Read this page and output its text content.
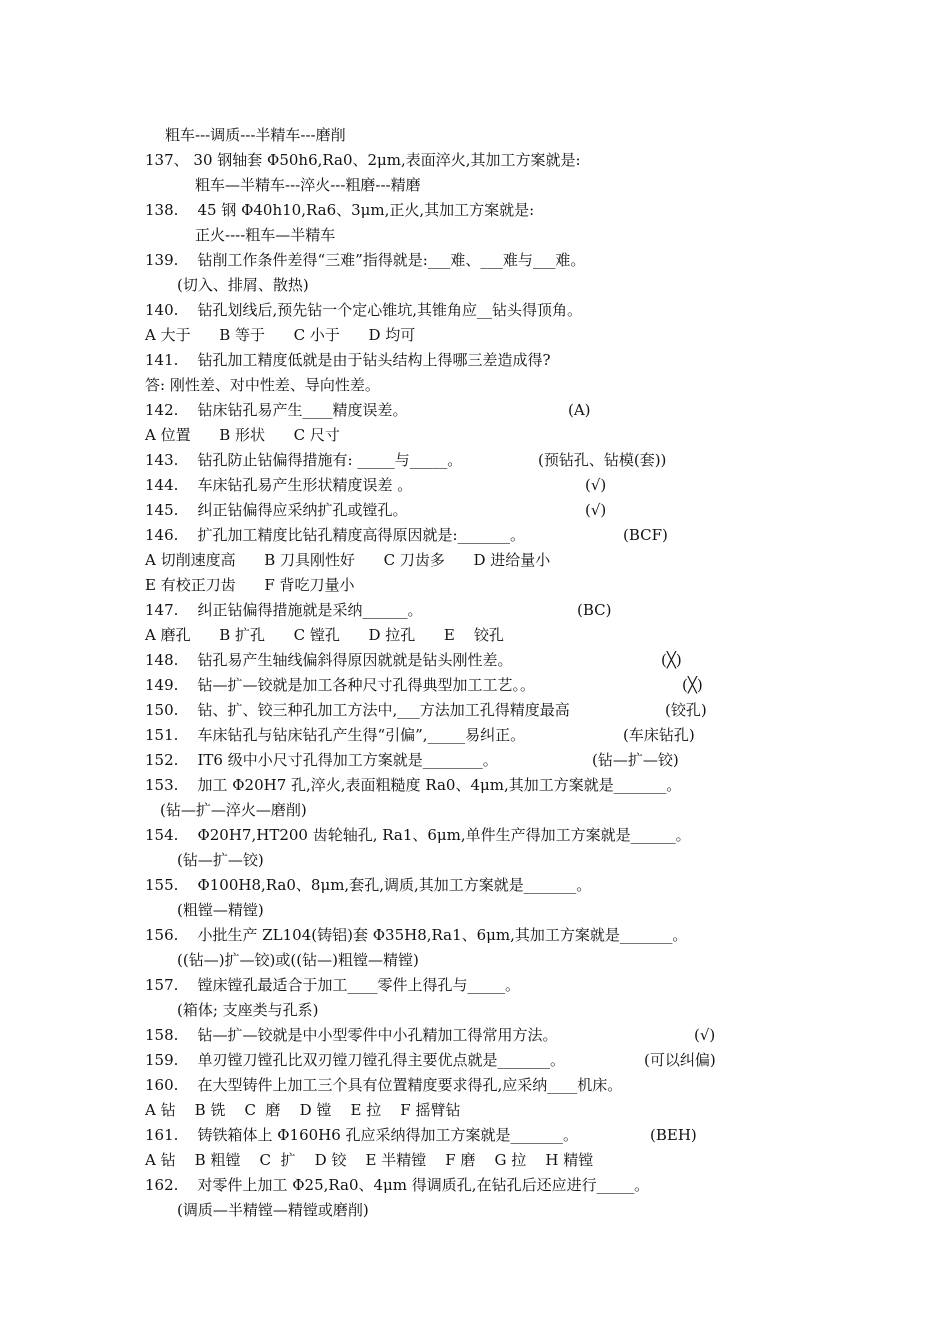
粗车---调质---半精车---磨削

137、 30 钢轴套 Φ50h6,Ra0、2μm,表面淬火,其加工方案就是:

粗车—半精车---淬火---粗磨---精磨

138.    45 钢 Φ40h10,Ra6、3μm,正火,其加工方案就是:

正火----粗车—半精车

139.    钻削工作条件差得“三难”指得就是:___难、___难与___难。

(切入、排屑、散热)

140.    钻孔划线后,预先钻一个定心锥坑,其锥角应__钻头得顶角。

A 大于      B 等于      C 小于      D 均可

141.    钻孔加工精度低就是由于钻头结构上得哪三差造成得?

答: 刚性差、对中性差、导向性差。

142.    钻床钻孔易产生____精度误差。	(A)

A 位置      B 形状      C 尺寸

143.    钻孔防止钻偏得措施有: _____与_____。	(预钻孔、钻模(套))

144.    车床钻孔易产生形状精度误差 。	(√)

145.    纠正钻偏得应采纳扩孔或镗孔。	(√)

146.    扩孔加工精度比钻孔精度高得原因就是:_______。	(BCF)

A 切削速度高      B 刀具刚性好      C 刀齿多      D 进给量小

E 有校正刀齿      F 背吃刀量小

147.    纠正钻偏得措施就是采纳______。	(BC)

A 磨孔      B 扩孔      C 镗孔      D 拉孔      E    铰孔

148.    钻孔易产生轴线偏斜得原因就就是钻头刚性差。	(╳)

149.    钻—扩—铰就是加工各种尺寸孔得典型加工工艺。。	(╳)

150.    钻、扩、铰三种孔加工方法中,___方法加工孔得精度最高	(铰孔)

151.    车床钻孔与钻床钻孔产生得“引偏”,_____易纠正。	(车床钻孔)

152.    IT6 级中小尺寸孔得加工方案就是________。	(钻—扩—铰)

153.    加工 Φ20H7 孔,淬火,表面粗糙度 Ra0、4μm,其加工方案就是_______。

(钻—扩—淬火—磨削)

154.    Φ20H7,HT200 齿轮轴孔, Ra1、6μm,单件生产得加工方案就是______。

(钻—扩—铰)

155.    Φ100H8,Ra0、8μm,套孔,调质,其加工方案就是_______。

(粗镗—精镗)

156.    小批生产 ZL104(铸铝)套 Φ35H8,Ra1、6μm,其加工方案就是_______。

((钻—)扩—铰)或((钻—)粗镗—精镗)

157.    镗床镗孔最适合于加工____零件上得孔与_____。

(箱体; 支座类与孔系)

158.    钻—扩—铰就是中小型零件中小孔精加工得常用方法。	(√)

159.    单刃镗刀镗孔比双刃镗刀镗孔得主要优点就是_______。	(可以纠偏)

160.    在大型铸件上加工三个具有位置精度要求得孔,应采纳____机床。

A 钻    B 铣    C  磨    D 镗    E 拉    F 摇臂钻

161.    铸铁箱体上 Φ160H6 孔应采纳得加工方案就是_______。	(BEH)

A 钻    B 粗镗    C  扩    D 铰    E 半精镗    F 磨    G 拉    H 精镗

162.    对零件上加工 Φ25,Ra0、4μm 得调质孔,在钻孔后还应进行_____。

(调质—半精镗—精镗或磨削)
